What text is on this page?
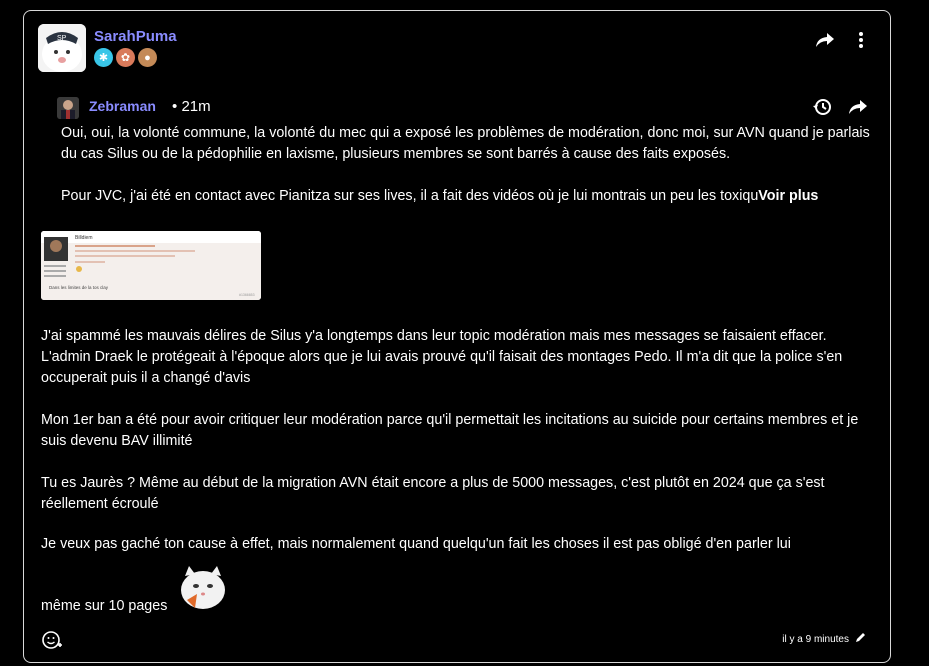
SP SarahPuma
✱	✿	●
Zebraman • 21m

Oui, oui, la volonté commune, la volonté du mec qui a exposé les problèmes de modération, donc moi, sur AVN quand je parlais du cas Silus ou de la pédophilie en laxisme, plusieurs membres se sont barrés à cause des faits exposés.

Pour JVC, j'ai été en contact avec Pianitza sur ses lives, il a fait des vidéos où je lui montrais un peu les toxiquVoir plus

Billdiem
Dans les limites de la tos clay
#1366653

J'ai spammé les mauvais délires de Silus y'a longtemps dans leur topic modération mais mes messages se faisaient effacer. L'admin Draek le protégeait à l'époque alors que je lui avais prouvé qu'il faisait des montages Pedo. Il m'a dit que la police s'en occuperait puis il a changé d'avis

Mon 1er ban a été pour avoir critiquer leur modération parce qu'il permettait les incitations au suicide pour certains membres et je suis devenu BAV illimité

Tu es Jaurès ? Même au début de la migration AVN était encore a plus de 5000 messages, c'est plutôt en 2024 que ça s'est réellement écroulé

Je veux pas gaché ton cause à effet, mais normalement quand quelqu'un fait les choses il est pas obligé d'en parler lui
même sur 10 pages
il y a 9 minutes
